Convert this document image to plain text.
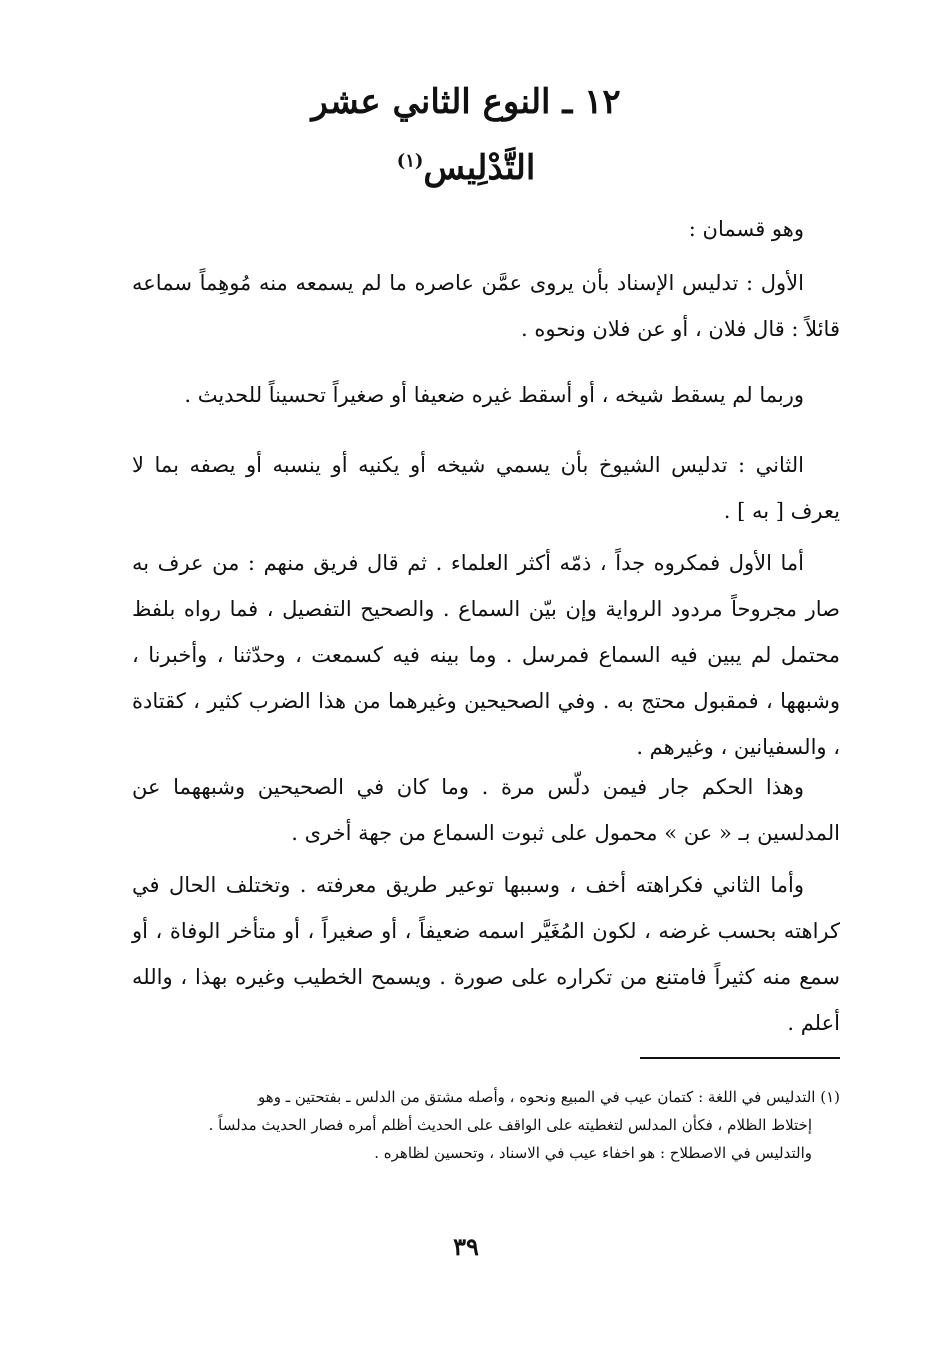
١٢ ـ النوع الثاني عشر
التَّدْلِيس$^{(١)}$
وهو قسمان :
الأول : تدليس الإسناد بأن يروى عمَّن عاصره ما لم يسمعه منه مُوهِماً سماعه قائلاً : قال فلان ، أو عن فلان ونحوه .
وربما لم يسقط شيخه ، أو أسقط غيره ضعيفا أو صغيراً تحسيناً للحديث .
الثاني : تدليس الشيوخ بأن يسمي شيخه أو يكنيه أو ينسبه أو يصفه بما لا يعرف [ به ] .
أما الأول فمكروه جداً ، ذمّه أكثر العلماء . ثم قال فريق منهم : من عرف به صار مجروحاً مردود الرواية وإن بيّن السماع . والصحيح التفصيل ، فما رواه بلفظ محتمل لم يبين فيه السماع فمرسل . وما بينه فيه كسمعت ، وحدّثنا ، وأخبرنا ، وشبهها ، فمقبول محتج به . وفي الصحيحين وغيرهما من هذا الضرب كثير ، كقتادة ، والسفيانين ، وغيرهم .
وهذا الحكم جار فيمن دلّس مرة . وما كان في الصحيحين وشبههما عن المدلسين بـ « عن » محمول على ثبوت السماع من جهة أخرى .
وأما الثاني فكراهته أخف ، وسببها توعير طريق معرفته . وتختلف الحال في كراهته بحسب غرضه ، لكون المُغَيَّر اسمه ضعيفاً ، أو صغيراً ، أو متأخر الوفاة ، أو سمع منه كثيراً فامتنع من تكراره على صورة . ويسمح الخطيب وغيره بهذا ، والله أعلم .

(١) التدليس في اللغة : كتمان عيب في المبيع ونحوه ، وأصله مشتق من الدلس ـ بفتحتين ـ وهو

إختلاط الظلام ، فكأن المدلس لتغطيته على الواقف على الحديث أظلم أمره فصار الحديث مدلساً .

والتدليس في الاصطلاح : هو اخفاء عيب في الاسناد ، وتحسين لظاهره .

٣٩
